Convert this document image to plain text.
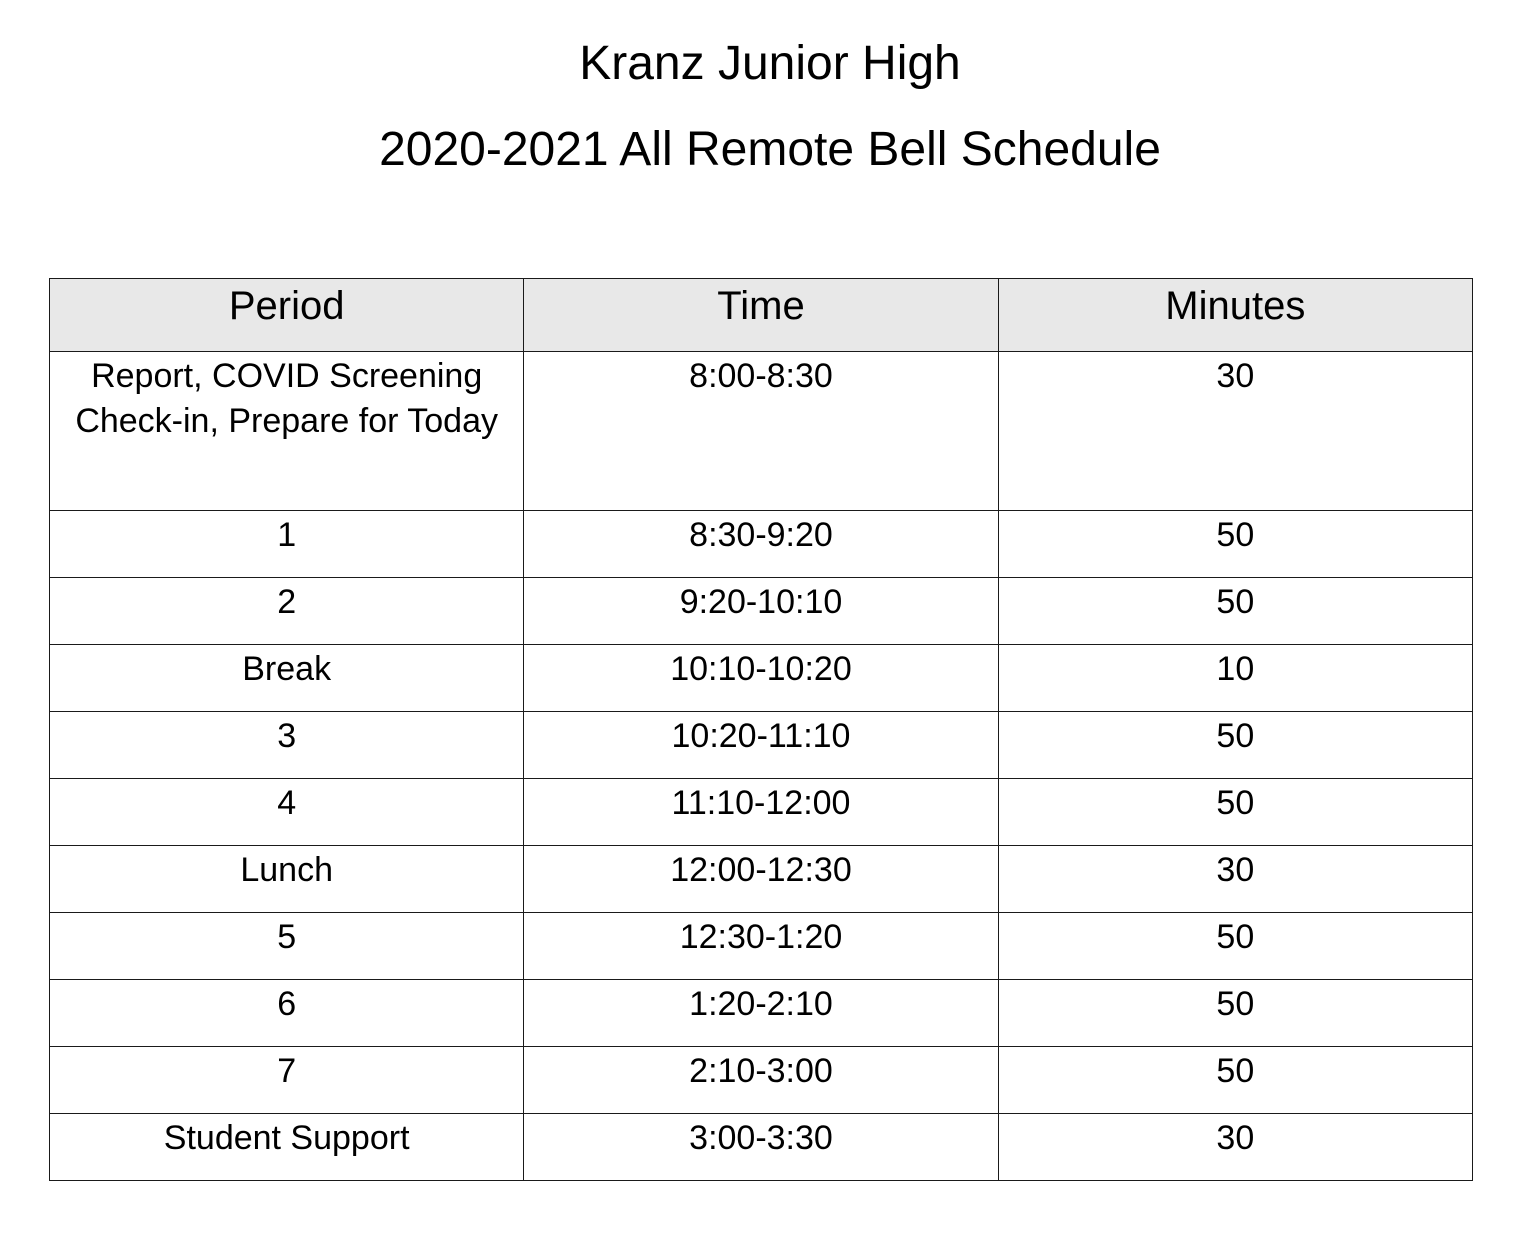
Kranz Junior High
2020-2021 All Remote Bell Schedule
Period	Time	Minutes
Report, COVID Screening Check-in, Prepare for Today	8:00-8:30	30
1	8:30-9:20	50
2	9:20-10:10	50
Break	10:10-10:20	10
3	10:20-11:10	50
4	11:10-12:00	50
Lunch	12:00-12:30	30
5	12:30-1:20	50
6	1:20-2:10	50
7	2:10-3:00	50
Student Support	3:00-3:30	30
